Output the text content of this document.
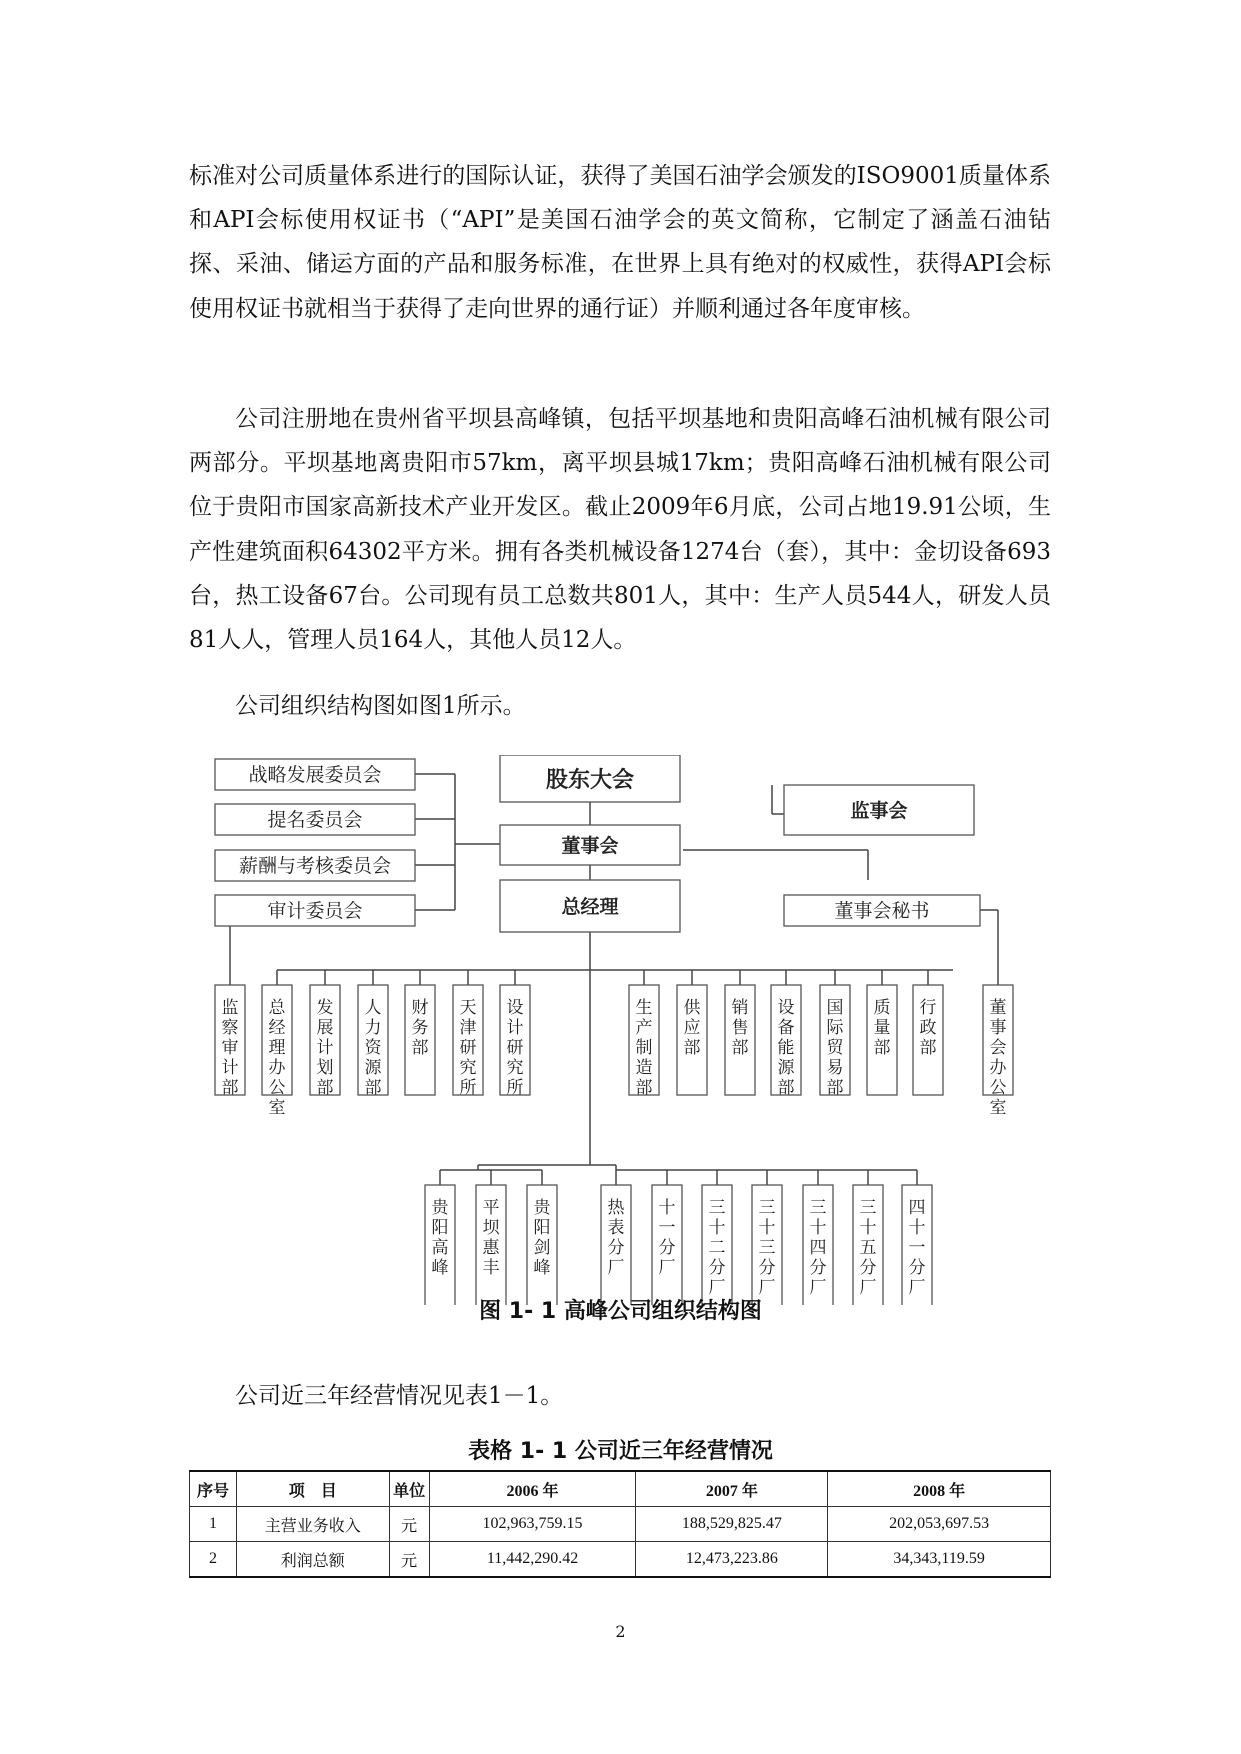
标准对公司质量体系进行的国际认证，获得了美国石油学会颁发的ISO9001质量体系和API会标使用权证书（“API”是美国石油学会的英文简称，它制定了涵盖石油钻探、采油、储运方面的产品和服务标准，在世界上具有绝对的权威性，获得API会标使用权证书就相当于获得了走向世界的通行证）并顺利通过各年度审核。

公司注册地在贵州省平坝县高峰镇，包括平坝基地和贵阳高峰石油机械有限公司两部分。平坝基地离贵阳市57km，离平坝县城17km；贵阳高峰石油机械有限公司位于贵阳市国家高新技术产业开发区。截止2009年6月底，公司占地19.91公顷，生产性建筑面积64302平方米。拥有各类机械设备1274台（套），其中：金切设备693台，热工设备67台。公司现有员工总数共801人，其中：生产人员544人，研发人员81人人，管理人员164人，其他人员12人。

公司组织结构图如图1所示。

战略发展委员会
提名委员会
薪酬与考核委员会
审计委员会
股东大会
监事会
董事会
董事会秘书
总经理
监察审计部
总经理办公室
发展计划部
人力资源部
财务部
天津研究所
设计研究所
生产制造部
供应部
销售部
设备能源部
国际贸易部
质量部
行政部
董事会办公室
贵阳高峰
平坝惠丰
贵阳剑峰
热表分厂
十一分厂
三十二分厂
三十三分厂
三十四分厂
三十五分厂
四十一分厂
图 1- 1 高峰公司组织结构图

公司近三年经营情况见表1－1。

表格 1- 1 公司近三年经营情况
序号	项　目	单位	2006 年	2007 年	2008 年
1	主营业务收入	元	102,963,759.15	188,529,825.47	202,053,697.53
2	利润总额	元	11,442,290.42	12,473,223.86	34,343,119.59
2
